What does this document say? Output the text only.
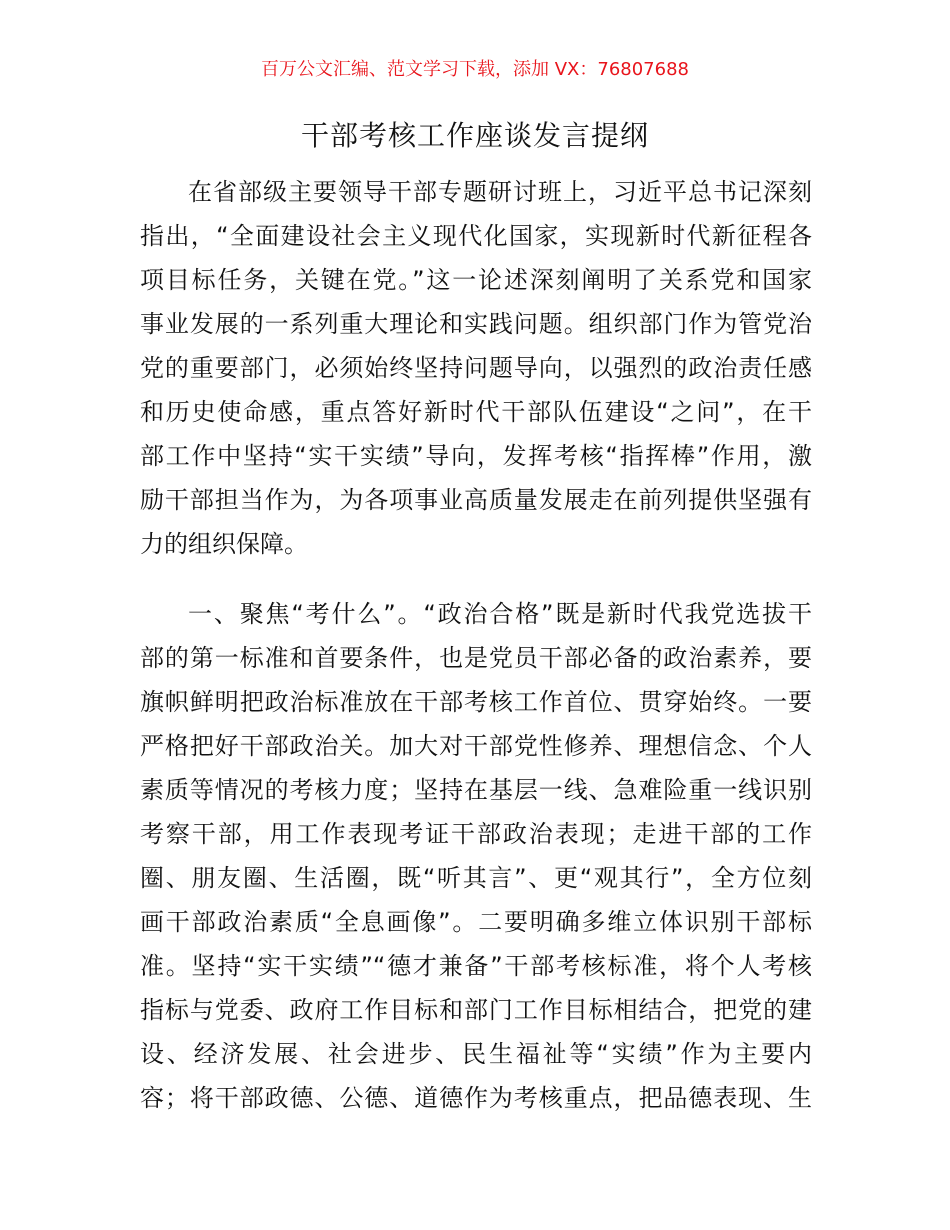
百万公文汇编、范文学习下载，添加 VX：76807688
干部考核工作座谈发言提纲
在省部级主要领导干部专题研讨班上，习近平总书记深刻
指出，“全面建设社会主义现代化国家，实现新时代新征程各
项目标任务，关键在党。”这一论述深刻阐明了关系党和国家
事业发展的一系列重大理论和实践问题。组织部门作为管党治
党的重要部门，必须始终坚持问题导向，以强烈的政治责任感
和历史使命感，重点答好新时代干部队伍建设“之问”，在干
部工作中坚持“实干实绩”导向，发挥考核“指挥棒”作用，激
励干部担当作为，为各项事业高质量发展走在前列提供坚强有
力的组织保障。
一、聚焦“考什么”。“政治合格”既是新时代我党选拔干
部的第一标准和首要条件，也是党员干部必备的政治素养，要
旗帜鲜明把政治标准放在干部考核工作首位、贯穿始终。一要
严格把好干部政治关。加大对干部党性修养、理想信念、个人
素质等情况的考核力度；坚持在基层一线、急难险重一线识别
考察干部，用工作表现考证干部政治表现；走进干部的工作
圈、朋友圈、生活圈，既“听其言”、更“观其行”，全方位刻
画干部政治素质“全息画像”。二要明确多维立体识别干部标
准。坚持“实干实绩”“德才兼备”干部考核标准，将个人考核
指标与党委、政府工作目标和部门工作目标相结合，把党的建
设、经济发展、社会进步、民生福祉等“实绩”作为主要内
容；将干部政德、公德、道德作为考核重点，把品德表现、生
